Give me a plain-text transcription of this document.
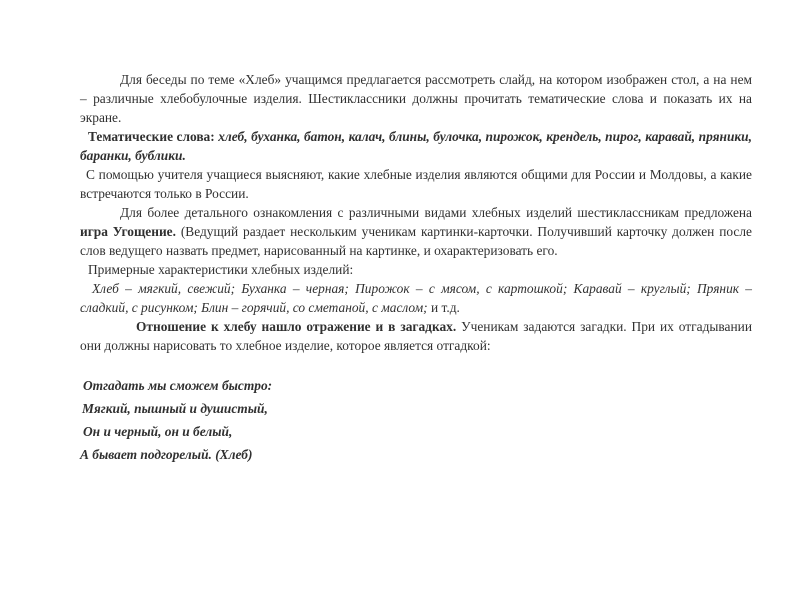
Для беседы по теме «Хлеб» учащимся предлагается рассмотреть слайд, на котором изображен стол, а на нем – различные хлебобулочные изделия. Шестиклассники должны прочитать тематические слова и показать их на экране.

Тематические слова: хлеб, буханка, батон, калач, блины, булочка, пирожок, крендель, пирог, каравай, пряники, баранки, бублики.

С помощью учителя учащиеся выясняют, какие хлебные изделия являются общими для России и Молдовы, а какие встречаются только в России.

Для более детального ознакомления с различными видами хлебных изделий шестиклассникам предложена игра Угощение. (Ведущий раздает нескольким ученикам картинки-карточки. Получивший карточку должен после слов ведущего назвать предмет, нарисованный на картинке, и охарактеризовать его.

Примерные характеристики хлебных изделий:

Хлеб – мягкий, свежий; Буханка – черная; Пирожок – с мясом, с картошкой; Каравай – круглый; Пряник – сладкий, с рисунком; Блин – горячий, со сметаной, с маслом; и т.д.

Отношение к хлебу нашло отражение и в загадках. Ученикам задаются загадки. При их отгадывании они должны нарисовать то хлебное изделие, которое является отгадкой:

Отгадать мы сможем быстро:

Мягкий, пышный и душистый,

Он и черный, он и белый,

А бывает подгорелый. (Хлеб)
